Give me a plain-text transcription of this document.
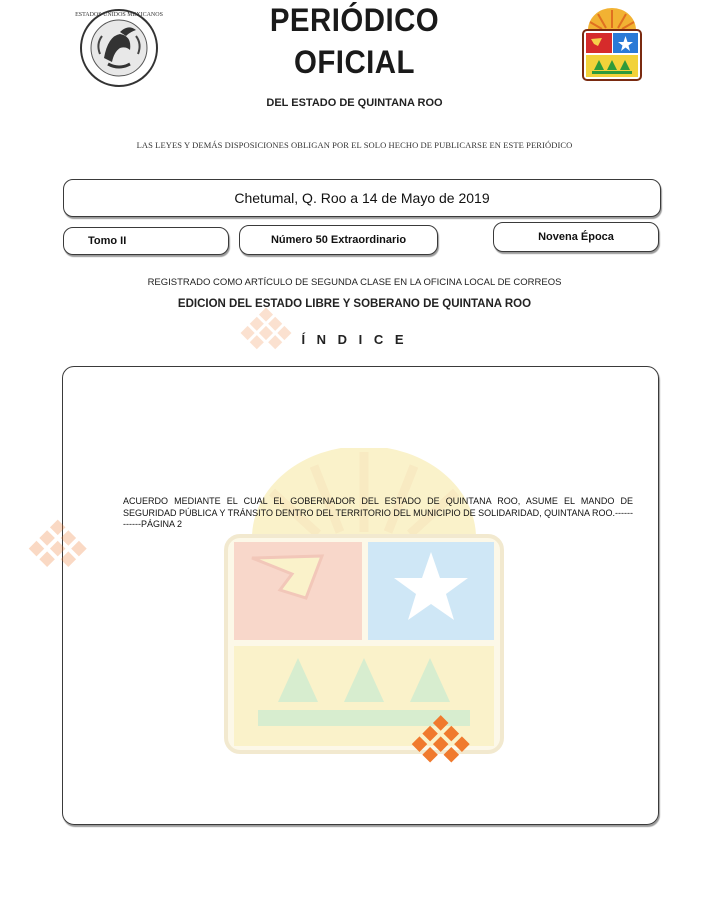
ESTADOS UNIDOS MEXICANOS	PERIÓDICO
OFICIAL
DEL ESTADO DE QUINTANA ROO
LAS LEYES Y DEMÁS DISPOSICIONES OBLIGAN POR EL SOLO HECHO DE PUBLICARSE EN ESTE PERIÓDICO
Chetumal, Q. Roo a 14 de Mayo de 2019
Tomo II	Número 50 Extraordinario	Novena Época
REGISTRADO COMO ARTÍCULO DE SEGUNDA CLASE EN LA OFICINA LOCAL DE CORREOS
EDICION DEL ESTADO LIBRE Y SOBERANO DE QUINTANA ROO
Í N D I C E
ACUERDO MEDIANTE EL CUAL EL GOBERNADOR DEL ESTADO DE QUINTANA ROO, ASUME EL MANDO DE SEGURIDAD PÚBLICA Y TRÁNSITO DENTRO DEL TERRITORIO DEL MUNICIPIO DE SOLIDARIDAD, QUINTANA ROO.------------PÁGINA 2
